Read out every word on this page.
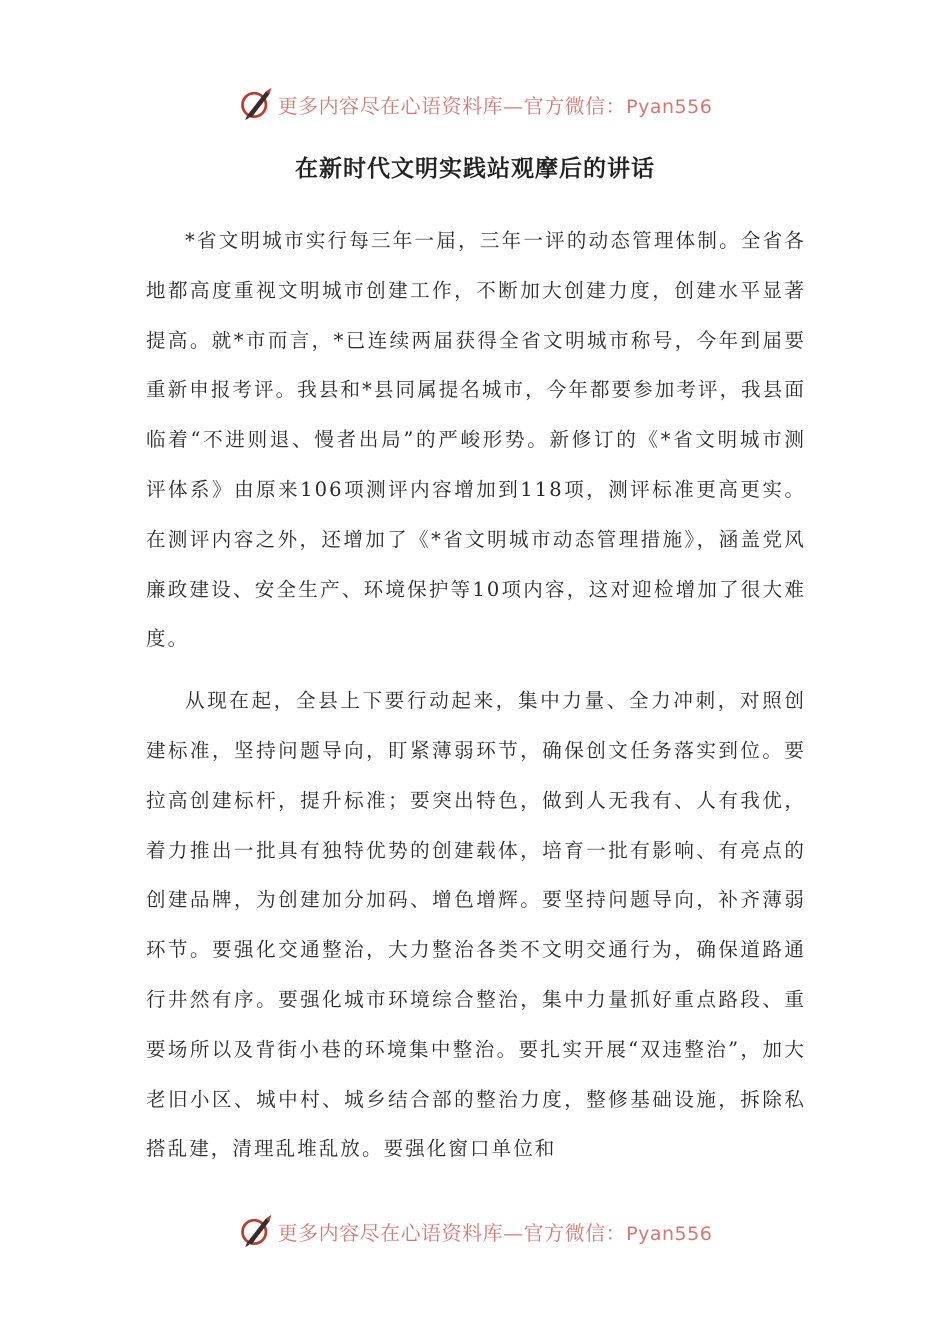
更多内容尽在心语资料库—官方微信：Pyan556
在新时代文明实践站观摩后的讲话

*省文明城市实行每三年一届，三年一评的动态管理体制。全省各地都高度重视文明城市创建工作，不断加大创建力度，创建水平显著提高。就*市而言，*已连续两届获得全省文明城市称号，今年到届要重新申报考评。我县和*县同属提名城市，今年都要参加考评，我县面临着“不进则退、慢者出局”的严峻形势。新修订的《*省文明城市测评体系》由原来106项测评内容增加到118项，测评标准更高更实。在测评内容之外，还增加了《*省文明城市动态管理措施》，涵盖党风廉政建设、安全生产、环境保护等10项内容，这对迎检增加了很大难度。

从现在起，全县上下要行动起来，集中力量、全力冲刺，对照创建标准，坚持问题导向，盯紧薄弱环节，确保创文任务落实到位。要拉高创建标杆，提升标准；要突出特色，做到人无我有、人有我优，着力推出一批具有独特优势的创建载体，培育一批有影响、有亮点的创建品牌，为创建加分加码、增色增辉。要坚持问题导向，补齐薄弱环节。要强化交通整治，大力整治各类不文明交通行为，确保道路通行井然有序。要强化城市环境综合整治，集中力量抓好重点路段、重要场所以及背街小巷的环境集中整治。要扎实开展“双违整治”，加大老旧小区、城中村、城乡结合部的整治力度，整修基础设施，拆除私搭乱建，清理乱堆乱放。要强化窗口单位和

更多内容尽在心语资料库—官方微信：Pyan556
